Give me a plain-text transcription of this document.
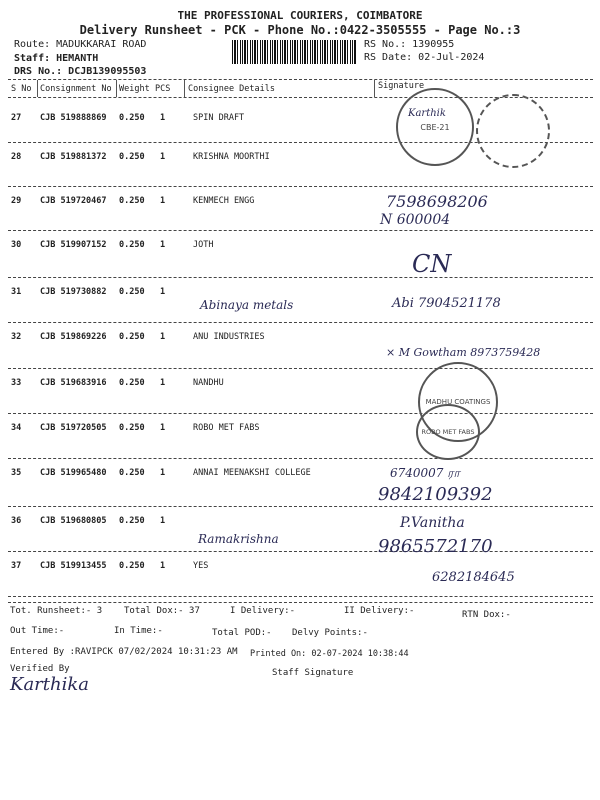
THE PROFESSIONAL COURIERS, COIMBATORE
Delivery Runsheet - PCK - Phone No.:0422-3505555 - Page No.:3
Route: MADUKKARAI ROAD
Staff: HEMANTH
DRS No.: DCJB139095503
RS No.: 1390955
RS Date: 02-Jul-2024
S No Consignment No Weight PCS Consignee Details	Signature
27 CJB 519888869 0.250 1	SPIN DRAFT
28 CJB 519881372 0.250 1	KRISHNA MOORTHI
29 CJB 519720467 0.250 1	KENMECH ENGG
30 CJB 519907152 0.250 1	JOTH
31 CJB 519730882 0.250 1
32 CJB 519869226 0.250 1	ANU INDUSTRIES
33 CJB 519683916 0.250 1	NANDHU
34 CJB 519720505 0.250 1	ROBO MET FABS
35 CJB 519965480 0.250 1	ANNAI MEENAKSHI COLLEGE
36 CJB 519680805 0.250 1
37 CJB 519913455 0.250 1	YES
Karthik
7598698206
N 600004
CN
Abinaya metals	Abi 7904521178
× M Gowtham 8973759428
6740007 ரா
9842109392
Ramakrishna
P.Vanitha
9865572170
6282184645
CBE-21
MADHU COATINGS
ROBO MET FABS
Tot. Runsheet:- 3 Total Dox:- 37	I Delivery:-	II Delivery:-	RTN Dox:-
Out Time:-	In Time:-	Total POD:- Delvy Points:-
Entered By :RAVIPCK 07/02/2024 10:31:23 AM Printed On: 02-07-2024 10:38:44
Verified By
Karthika
Staff Signature
